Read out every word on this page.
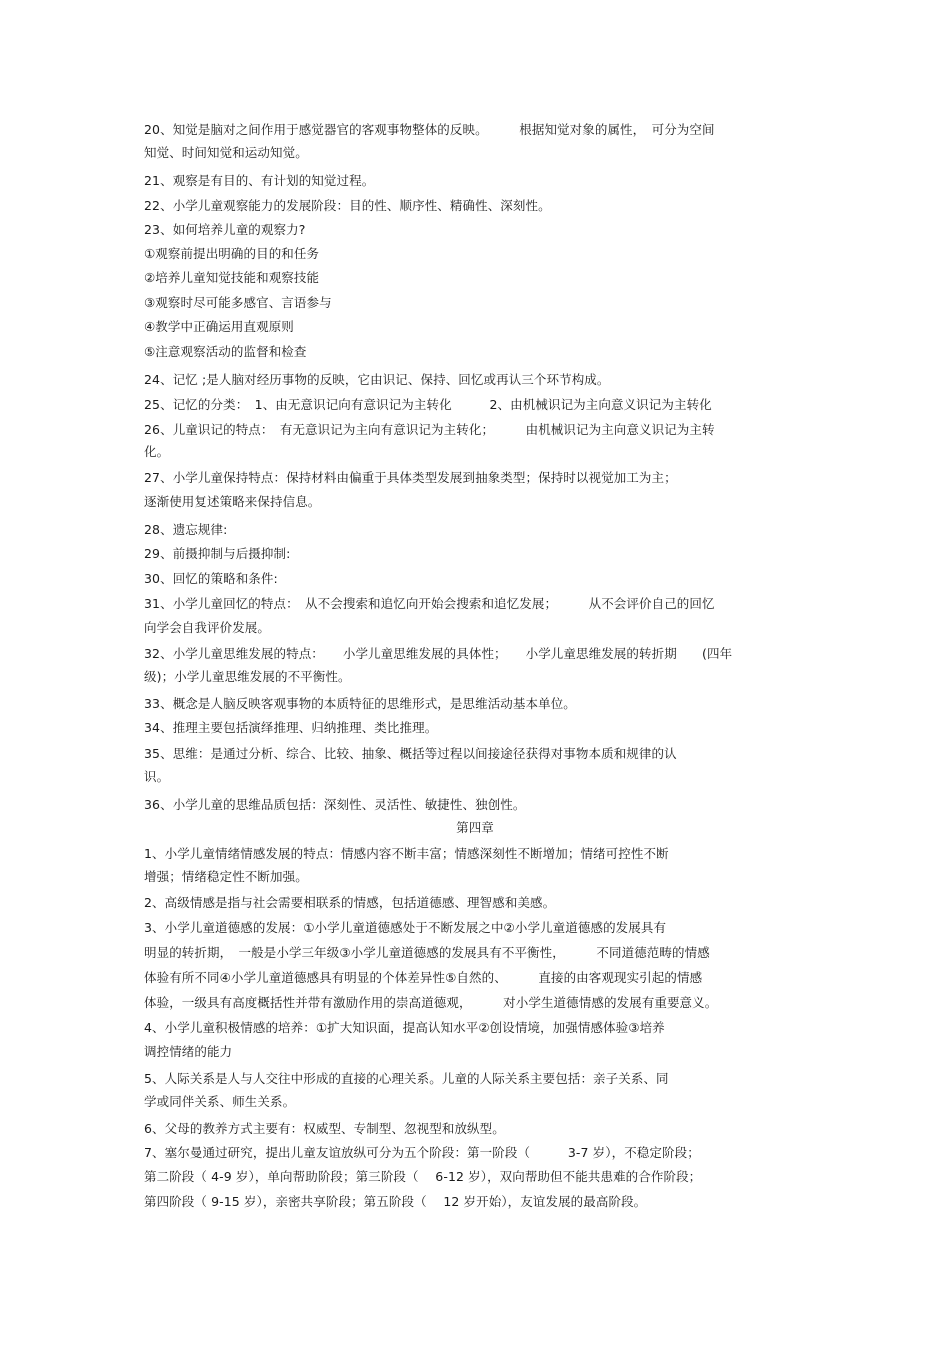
20、知觉是脑对之间作用于感觉器官的客观事物整体的反映。　　　根据知觉对象的属性，　可分为空间
知觉、时间知觉和运动知觉。
21、观察是有目的、有计划的知觉过程。
22、小学儿童观察能力的发展阶段：目的性、顺序性、精确性、深刻性。
23、如何培养儿童的观察力?
①观察前提出明确的目的和任务
②培养儿童知觉技能和观察技能
③观察时尽可能多感官、言语参与
④教学中正确运用直观原则
⑤注意观察活动的监督和检查
24、记忆 ;是人脑对经历事物的反映，它由识记、保持、回忆或再认三个环节构成。
25、记忆的分类：　1、由无意识记向有意识记为主转化　　　2、由机械识记为主向意义识记为主转化
26、儿童识记的特点：　有无意识记为主向有意识记为主转化；　　　由机械识记为主向意义识记为主转
化。
27、小学儿童保持特点：保持材料由偏重于具体类型发展到抽象类型；保持时以视觉加工为主；
逐渐使用复述策略来保持信息。
28、遗忘规律:
29、前摄抑制与后摄抑制:
30、回忆的策略和条件:
31、小学儿童回忆的特点：　从不会搜索和追忆向开始会搜索和追忆发展；　　　从不会评价自己的回忆
向学会自我评价发展。
32、小学儿童思维发展的特点：　　小学儿童思维发展的具体性；　　小学儿童思维发展的转折期　　(四年
级)；小学儿童思维发展的不平衡性。
33、概念是人脑反映客观事物的本质特征的思维形式，是思维活动基本单位。
34、推理主要包括演绎推理、归纳推理、类比推理。
35、思维：是通过分析、综合、比较、抽象、概括等过程以间接途径获得对事物本质和规律的认
识。
36、小学儿童的思维品质包括：深刻性、灵活性、敏捷性、独创性。
第四章
1、小学儿童情绪情感发展的特点：情感内容不断丰富；情感深刻性不断增加；情绪可控性不断
增强；情绪稳定性不断加强。
2、高级情感是指与社会需要相联系的情感，包括道德感、理智感和美感。
3、小学儿童道德感的发展：①小学儿童道德感处于不断发展之中②小学儿童道德感的发展具有
明显的转折期，　一般是小学三年级③小学儿童道德感的发展具有不平衡性，　　　不同道德范畴的情感
体验有所不同④小学儿童道德感具有明显的个体差异性⑤自然的、　　　直接的由客观现实引起的情感
体验，一级具有高度概括性并带有激励作用的崇高道德观，　　　对小学生道德情感的发展有重要意义。
4、小学儿童积极情感的培养：①扩大知识面，提高认知水平②创设情境，加强情感体验③培养
调控情绪的能力
5、人际关系是人与人交往中形成的直接的心理关系。儿童的人际关系主要包括：亲子关系、同
学或同伴关系、师生关系。
6、父母的教养方式主要有：权威型、专制型、忽视型和放纵型。
7、塞尔曼通过研究，提出儿童友谊放纵可分为五个阶段：第一阶段（　　　3-7 岁），不稳定阶段；
第二阶段（ 4-9 岁），单向帮助阶段；第三阶段（　 6-12 岁），双向帮助但不能共患难的合作阶段；
第四阶段（ 9-15 岁），亲密共享阶段；第五阶段（　 12 岁开始），友谊发展的最高阶段。
